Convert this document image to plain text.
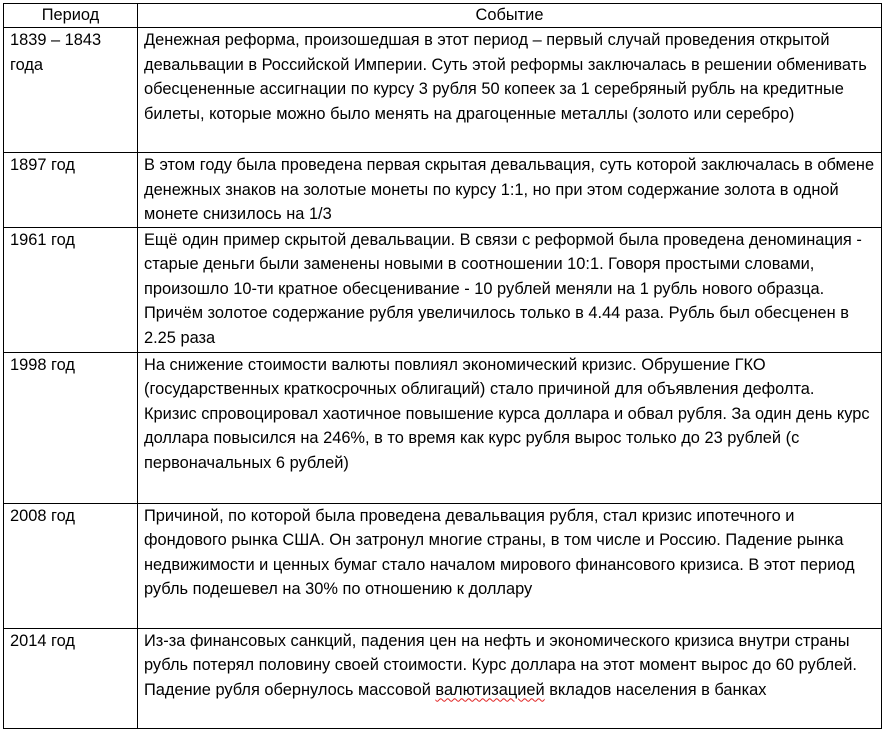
Период	Событие
1839 – 1843 года	Денежная реформа, произошедшая в этот период – первый случай проведения открытой девальвации в Российской Империи. Суть этой реформы заключалась в решении обменивать обесцененные ассигнации по курсу 3 рубля 50 копеек за 1 серебряный рубль на кредитные билеты, которые можно было менять на драгоценные металлы (золото или серебро)

1897 год	В этом году была проведена первая скрытая девальвация, суть которой заключалась в обмене денежных знаков на золотые монеты по курсу 1:1, но при этом содержание золота в одной монете снизилось на 1/3

1961 год	Ещё один пример скрытой девальвации. В связи с реформой была проведена деноминация - старые деньги были заменены новыми в соотношении 10:1. Говоря простыми словами, произошло 10-ти кратное обесценивание - 10 рублей меняли на 1 рубль нового образца. Причём золотое содержание рубля увеличилось только в 4.44 раза. Рубль был обесценен в 2.25 раза

1998 год	На снижение стоимости валюты повлиял экономический кризис. Обрушение ГКО (государственных краткосрочных облигаций) стало причиной для объявления дефолта.
Кризис спровоцировал хаотичное повышение курса доллара и обвал рубля. За один день курс доллара повысился на 246%, в то время как курс рубля вырос только до 23 рублей (с первоначальных 6 рублей)

2008 год	Причиной, по которой была проведена девальвация рубля, стал кризис ипотечного и фондового рынка США. Он затронул многие страны, в том числе и Россию. Падение рынка недвижимости и ценных бумаг стало началом мирового финансового кризиса. В этот период рубль подешевел на 30% по отношению к доллару

2014 год	Из-за финансовых санкций, падения цен на нефть и экономического кризиса внутри страны рубль потерял половину своей стоимости. Курс доллара на этот момент вырос до 60 рублей. Падение рубля обернулось массовой валютизацией вкладов населения в банках
